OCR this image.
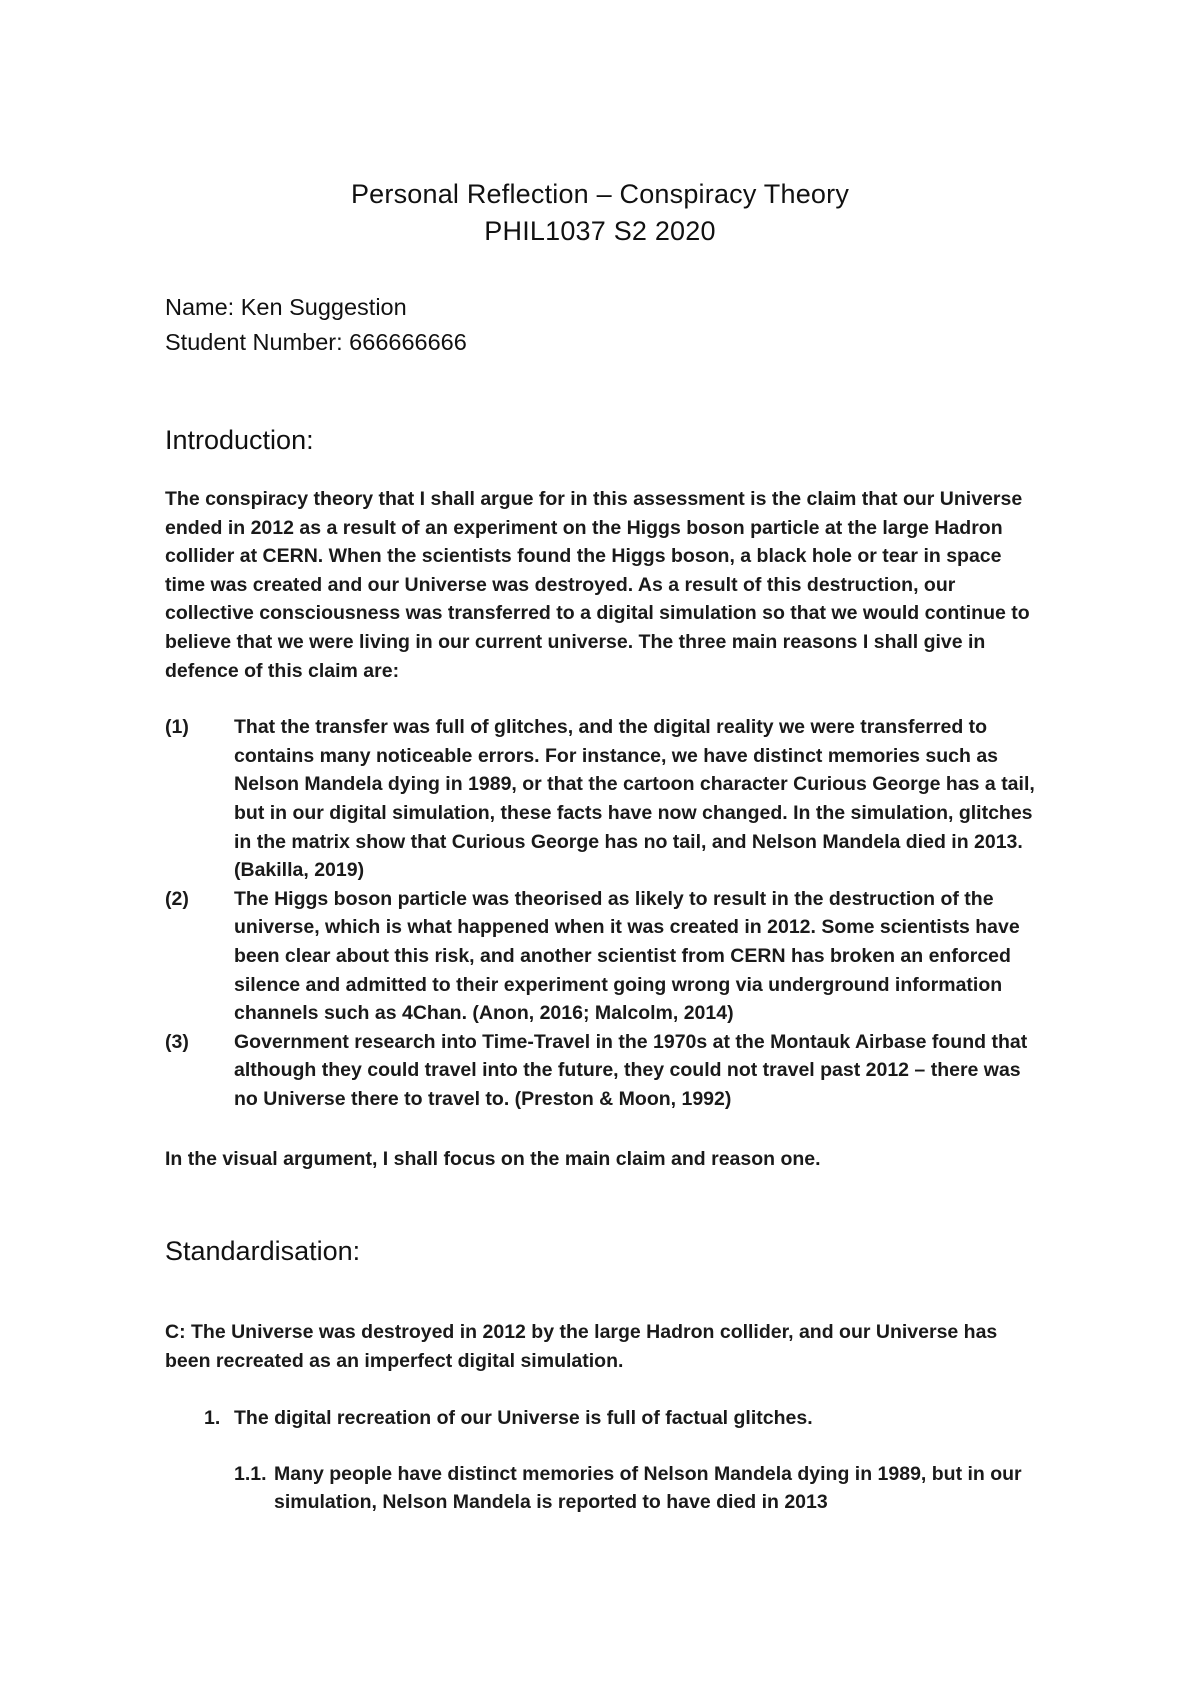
Personal Reflection – Conspiracy Theory
PHIL1037 S2 2020
Name: Ken Suggestion
Student Number: 666666666
Introduction:

The conspiracy theory that I shall argue for in this assessment is the claim that our Universe ended in 2012 as a result of an experiment on the Higgs boson particle at the large Hadron collider at CERN. When the scientists found the Higgs boson, a black hole or tear in space time was created and our Universe was destroyed. As a result of this destruction, our collective consciousness was transferred to a digital simulation so that we would continue to believe that we were living in our current universe. The three main reasons I shall give in defence of this claim are:

(1)	That the transfer was full of glitches, and the digital reality we were transferred to contains many noticeable errors. For instance, we have distinct memories such as Nelson Mandela dying in 1989, or that the cartoon character Curious George has a tail, but in our digital simulation, these facts have now changed. In the simulation, glitches in the matrix show that Curious George has no tail, and Nelson Mandela died in 2013. (Bakilla, 2019)
(2)	The Higgs boson particle was theorised as likely to result in the destruction of the universe, which is what happened when it was created in 2012. Some scientists have been clear about this risk, and another scientist from CERN has broken an enforced silence and admitted to their experiment going wrong via underground information channels such as 4Chan. (Anon, 2016; Malcolm, 2014)
(3)	Government research into Time-Travel in the 1970s at the Montauk Airbase found that although they could travel into the future, they could not travel past 2012 – there was no Universe there to travel to. (Preston & Moon, 1992)

In the visual argument, I shall focus on the main claim and reason one.

Standardisation:

C: The Universe was destroyed in 2012 by the large Hadron collider, and our Universe has been recreated as an imperfect digital simulation.

1. The digital recreation of our Universe is full of factual glitches.
1.1. Many people have distinct memories of Nelson Mandela dying in 1989, but in our simulation, Nelson Mandela is reported to have died in 2013
